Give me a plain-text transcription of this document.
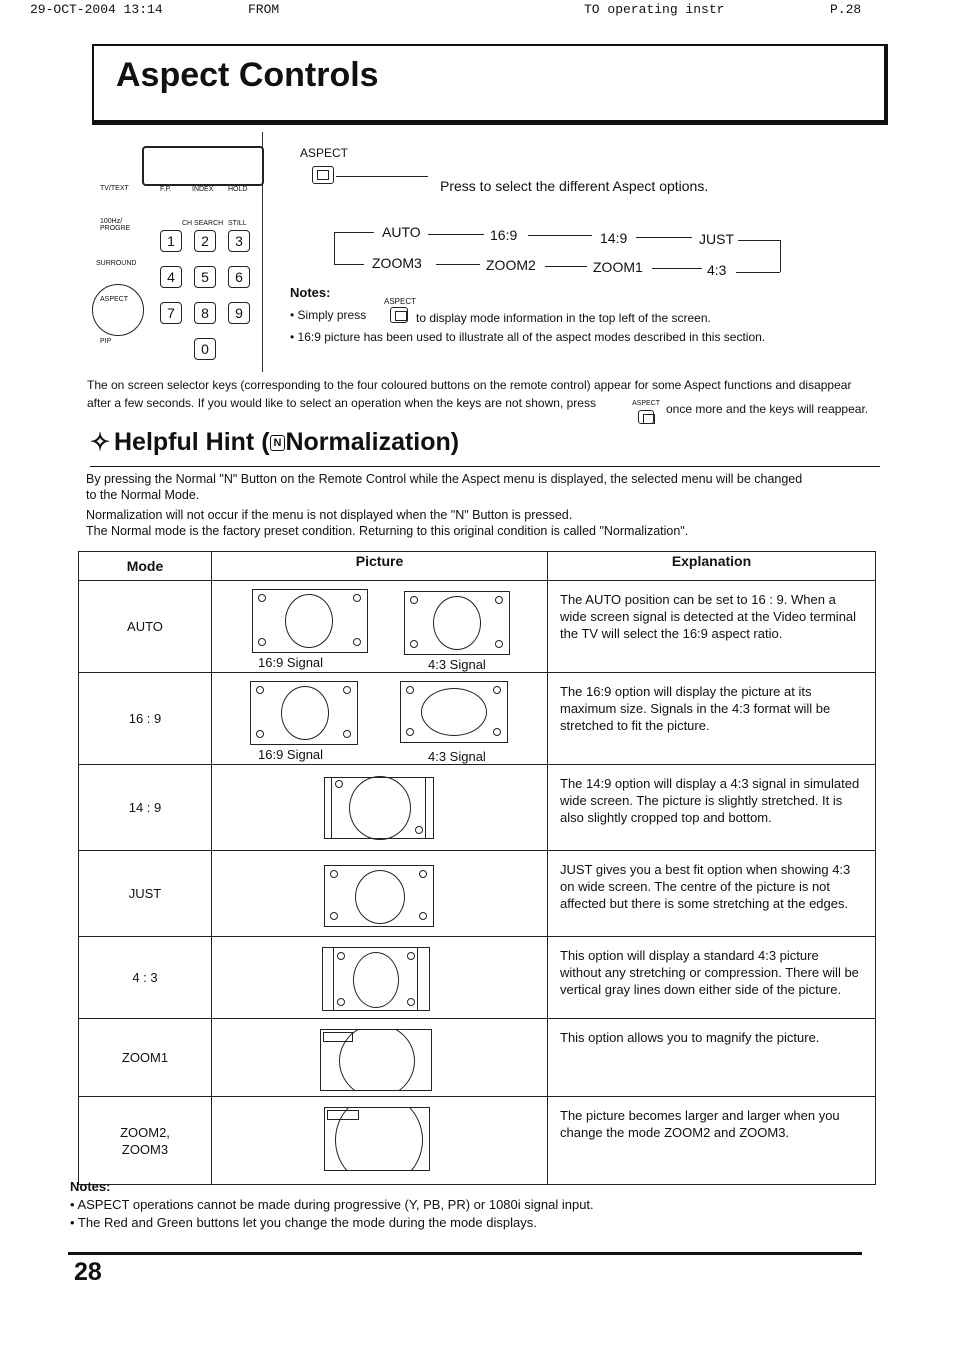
29-OCT-2004 13:14	FROM	TO operating instr	P.28
Aspect Controls
TV/TEXT	F.P.	INDEX HOLD
100Hz/ PROGRE
CH SEARCH STILL
SURROUND
ASPECT
PIP
1	2	3
4	5	6
7	8	9
0
ASPECT
Press to select the different Aspect options.
AUTO	16:9	14:9	JUST
4:3
ZOOM1
ZOOM2
ZOOM3
Notes:
ASPECT
• Simply press	to display mode information in the top left of the screen.
• 16:9 picture has been used to illustrate all of the aspect modes described in this section.
The on screen selector keys (corresponding to the four coloured buttons on the remote control) appear for some Aspect functions and disappear
after a few seconds. If you would like to select an operation when the keys are not shown, press	ASPECT once more and the keys will reappear.
✧ Helpful Hint ( N Normalization)
By pressing the Normal "N" Button on the Remote Control while the Aspect menu is displayed, the selected menu will be changed
to the Normal Mode.
Normalization will not occur if the menu is not displayed when the "N" Button is pressed.
The Normal mode is the factory preset condition. Returning to this original condition is called "Normalization".
Mode	Picture	Explanation
AUTO	16:9 Signal 4:3 Signal	The AUTO position can be set to 16 : 9. When a wide screen signal is detected at the Video terminal the TV will select the 16:9 aspect ratio.
16 : 9	16:9 Signal 4:3 Signal	The 16:9 option will display the picture at its maximum size. Signals in the 4:3 format will be stretched to fit the picture.
14 : 9		The 14:9 option will display a 4:3 signal in simulated wide screen. The picture is slightly stretched. It is also slightly cropped top and bottom.
JUST		JUST gives you a best fit option when showing 4:3 on wide screen. The centre of the picture is not affected but there is some stretching at the edges.
4 : 3		This option will display a standard 4:3 picture without any stretching or compression. There will be vertical gray lines down either side of the picture.
ZOOM1		This option allows you to magnify the picture.
ZOOM2, ZOOM3		The picture becomes larger and larger when you change the mode ZOOM2 and ZOOM3.
Notes:
• ASPECT operations cannot be made during progressive (Y, PB, PR) or 1080i signal input.
• The Red and Green buttons let you change the mode during the mode displays.
28
